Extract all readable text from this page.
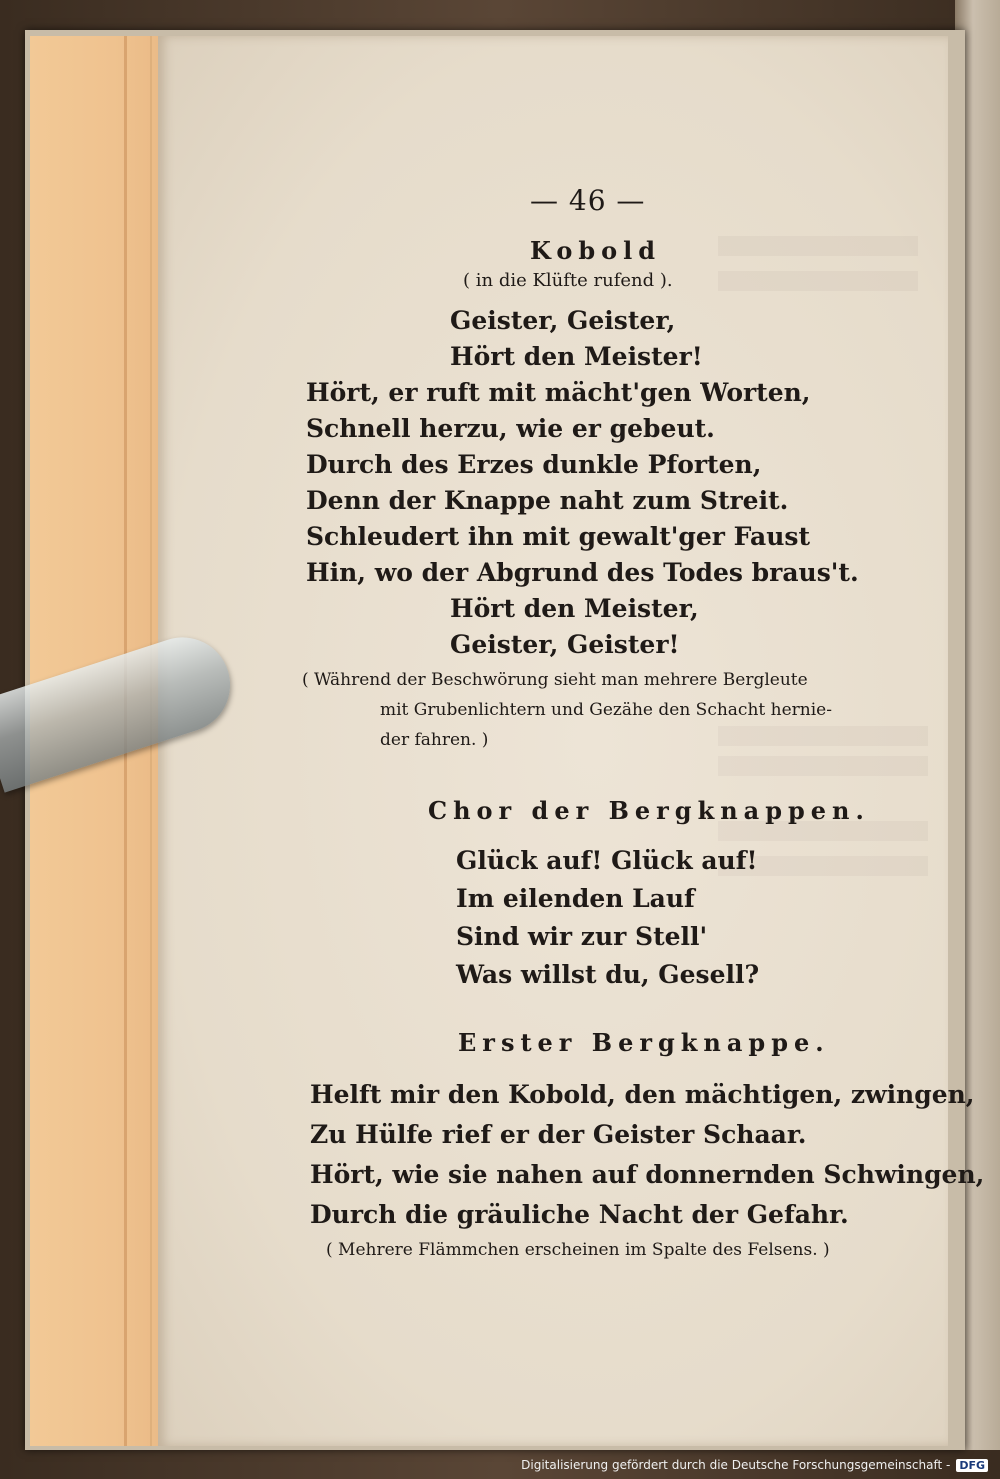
— 46 —
Kobold
( in die Klüfte rufend ).
Geister, Geister,
Hört den Meister!
Hört, er ruft mit mächt'gen Worten,
Schnell herzu, wie er gebeut.
Durch des Erzes dunkle Pforten,
Denn der Knappe naht zum Streit.
Schleudert ihn mit gewalt'ger Faust
Hin, wo der Abgrund des Todes braus't.
Hört den Meister,
Geister, Geister!
( Während der Beschwörung sieht man mehrere Bergleute
mit Grubenlichtern und Gezähe den Schacht hernie-
der fahren. )
Chor der Bergknappen.
Glück auf! Glück auf!
Im eilenden Lauf
Sind wir zur Stell'
Was willst du, Gesell?
Erster Bergknappe.
Helft mir den Kobold, den mächtigen, zwingen,
Zu Hülfe rief er der Geister Schaar.
Hört, wie sie nahen auf donnernden Schwingen,
Durch die gräuliche Nacht der Gefahr.
( Mehrere Flämmchen erscheinen im Spalte des Felsens. )
Digitalisierung gefördert durch die Deutsche Forschungsgemeinschaft - DFG
